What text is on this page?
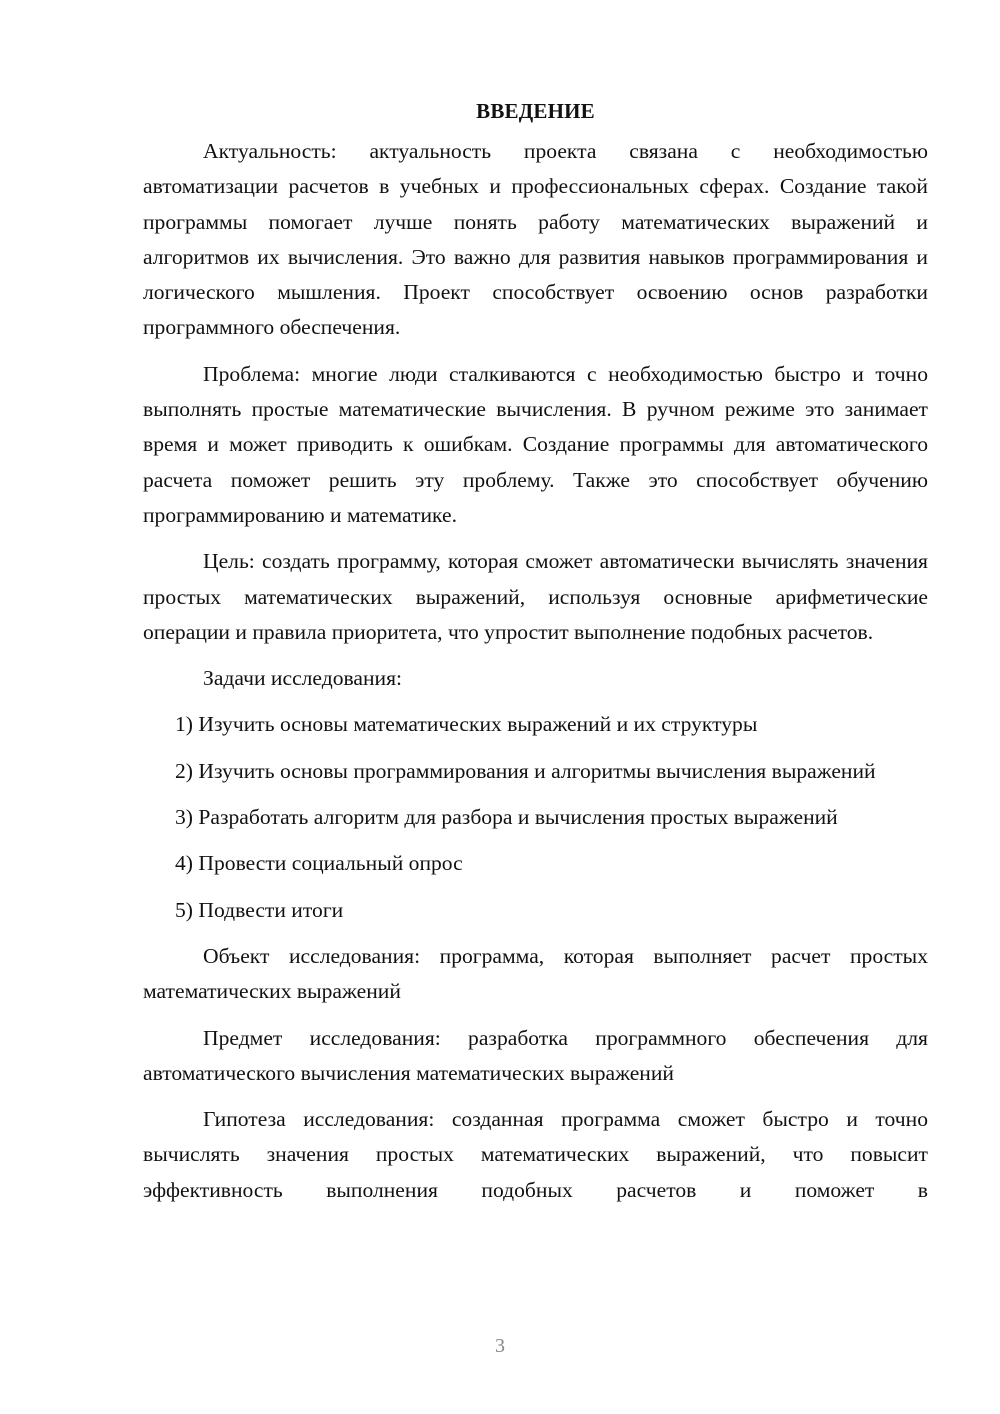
ВВЕДЕНИЕ

Актуальность: актуальность проекта связана с необходимостью автоматизации расчетов в учебных и профессиональных сферах. Создание такой программы помогает лучше понять работу математических выражений и алгоритмов их вычисления. Это важно для развития навыков программирования и логического мышления. Проект способствует освоению основ разработки программного обеспечения.

Проблема: многие люди сталкиваются с необходимостью быстро и точно выполнять простые математические вычисления. В ручном режиме это занимает время и может приводить к ошибкам. Создание программы для автоматического расчета поможет решить эту проблему. Также это способствует обучению программированию и математике.

Цель: создать программу, которая сможет автоматически вычислять значения простых математических выражений, используя основные арифметические операции и правила приоритета, что упростит выполнение подобных расчетов.

Задачи исследования:

1) Изучить основы математических выражений и их структуры

2) Изучить основы программирования и алгоритмы вычисления выражений

3) Разработать алгоритм для разбора и вычисления простых выражений

4) Провести социальный опрос

5) Подвести итоги

Объект исследования: программа, которая выполняет расчет простых математических выражений

Предмет исследования: разработка программного обеспечения для автоматического вычисления математических выражений

Гипотеза исследования: созданная программа сможет быстро и точно вычислять значения простых математических выражений, что повысит эффективность выполнения подобных расчетов и поможет в

3
